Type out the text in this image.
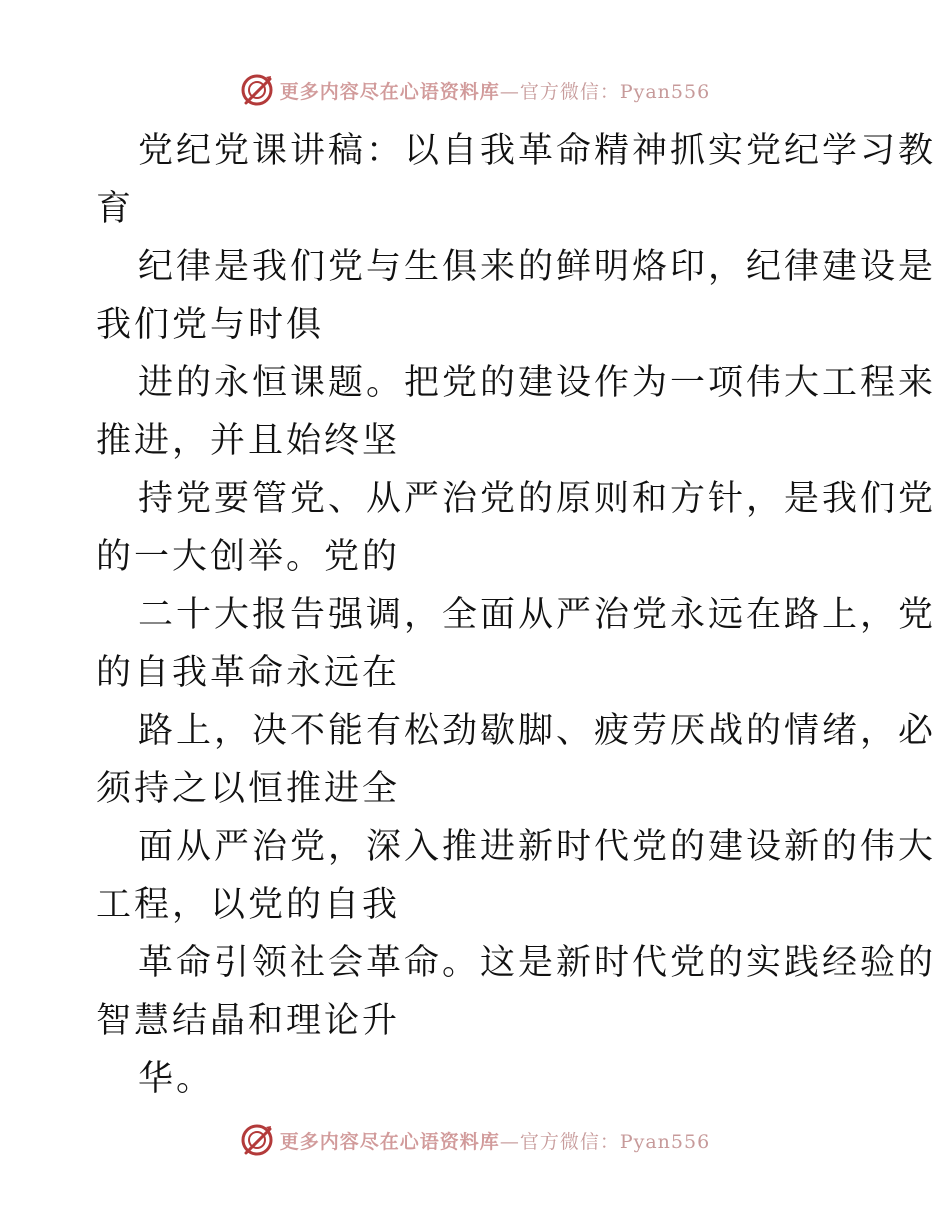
更多内容尽在心语资料库—官方微信：Pyan556
党纪党课讲稿：以自我革命精神抓实党纪学习教
育
纪律是我们党与生俱来的鲜明烙印，纪律建设是
我们党与时俱
进的永恒课题。把党的建设作为一项伟大工程来
推进，并且始终坚
持党要管党、从严治党的原则和方针，是我们党
的一大创举。党的
二十大报告强调，全面从严治党永远在路上，党
的自我革命永远在
路上，决不能有松劲歇脚、疲劳厌战的情绪，必
须持之以恒推进全
面从严治党，深入推进新时代党的建设新的伟大
工程，以党的自我
革命引领社会革命。这是新时代党的实践经验的
智慧结晶和理论升
华。
更多内容尽在心语资料库—官方微信：Pyan556
